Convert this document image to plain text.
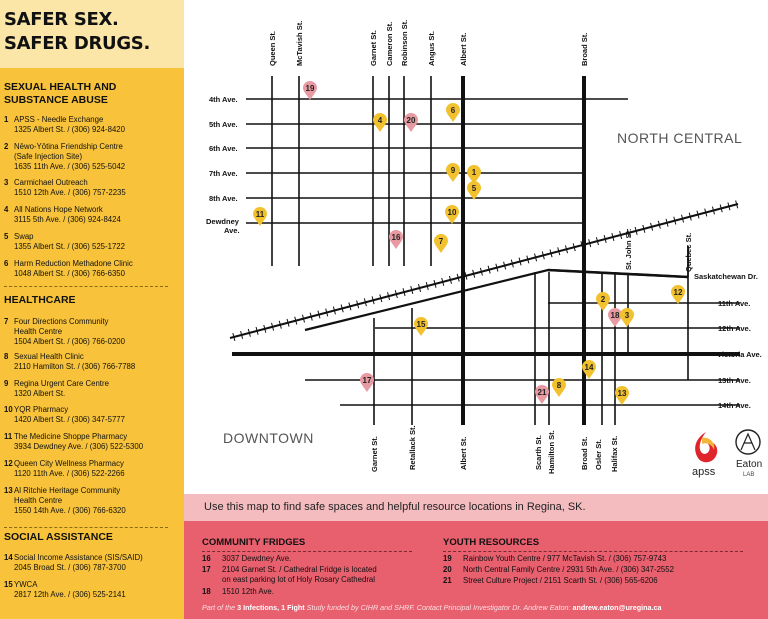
SAFER SEX.
SAFER DRUGS.
SEXUAL HEALTH AND
SUBSTANCE ABUSE
1 APSS - Needle Exchange
1325 Albert St. / (306) 924-8420
2 Nēwo-Yōtina Friendship Centre
(Safe Injection Site)
1635 11th Ave. / (306) 525-5042
3 Carmichael Outreach
1510 12th Ave. / (306) 757-2235
4 All Nations Hope Network
3115 5th Ave. / (306) 924-8424
5 Swap
1355 Albert St. / (306) 525-1722
6 Harm Reduction Methadone Clinic
1048 Albert St. / (306) 766-6350
HEALTHCARE
7 Four Directions Community
Health Centre
1504 Albert St. / (306) 766-0200
8 Sexual Health Clinic
2110 Hamilton St. / (306) 766-7788
9 Regina Urgent Care Centre
1320 Albert St.
10 YQR Pharmacy
1420 Albert St. / (306) 347-5777
11 The Medicine Shoppe Pharmacy
3934 Dewdney Ave. / (306) 522-5300
12 Queen City Wellness Pharmacy
1120 11th Ave. / (306) 522-2266
13 Al Ritchie Heritage Community
Health Centre
1550 14th Ave. / (306) 766-6320
SOCIAL ASSISTANCE
14 Social Income Assistance (SIS/SAID)
2045 Broad St. / (306) 787-3700
15 YWCA
2817 12th Ave. / (306) 525-2141
Queen St. McTavish St.	Garnet St. Cameron St. Robinson St. Angus St.	Albert St.	Broad St.
Garnet St.	Retallack St.	Albert St.	Scarth St. Hamilton St.	Broad St. Osler St. Halifax St.
St. John St.	Quebec St.
4th Ave.
5th Ave.
6th Ave.
7th Ave.
8th Ave.
Dewdney
Ave.
Saskatchewan Dr.
11th Ave.
12th Ave.
Victoria Ave.
13th Ave.
14th Ave.
NORTH CENTRAL
DOWNTOWN
19
6
4	20
9 1
5
11	10
16	7
12
2
18 3
15
14
17
21
8
13
apss
Eaton
LAB
Use this map to find safe spaces and helpful resource locations in Regina, SK.
COMMUNITY FRIDGES
16 3037 Dewdney Ave.
17 2104 Garnet St. / Cathedral Fridge is located
on east parking lot of Holy Rosary Cathedral
18 1510 12th Ave.
YOUTH RESOURCES
19 Rainbow Youth Centre / 977 McTavish St. / (306) 757-9743
20 North Central Family Centre / 2931 5th Ave. / (306) 347-2552
21 Street Culture Project / 2151 Scarth St. / (306) 565-6206
Part of the 3 Infections, 1 Fight Study funded by CIHR and SHRF. Contact Principal Investigator Dr. Andrew Eaton: andrew.eaton@uregina.ca
